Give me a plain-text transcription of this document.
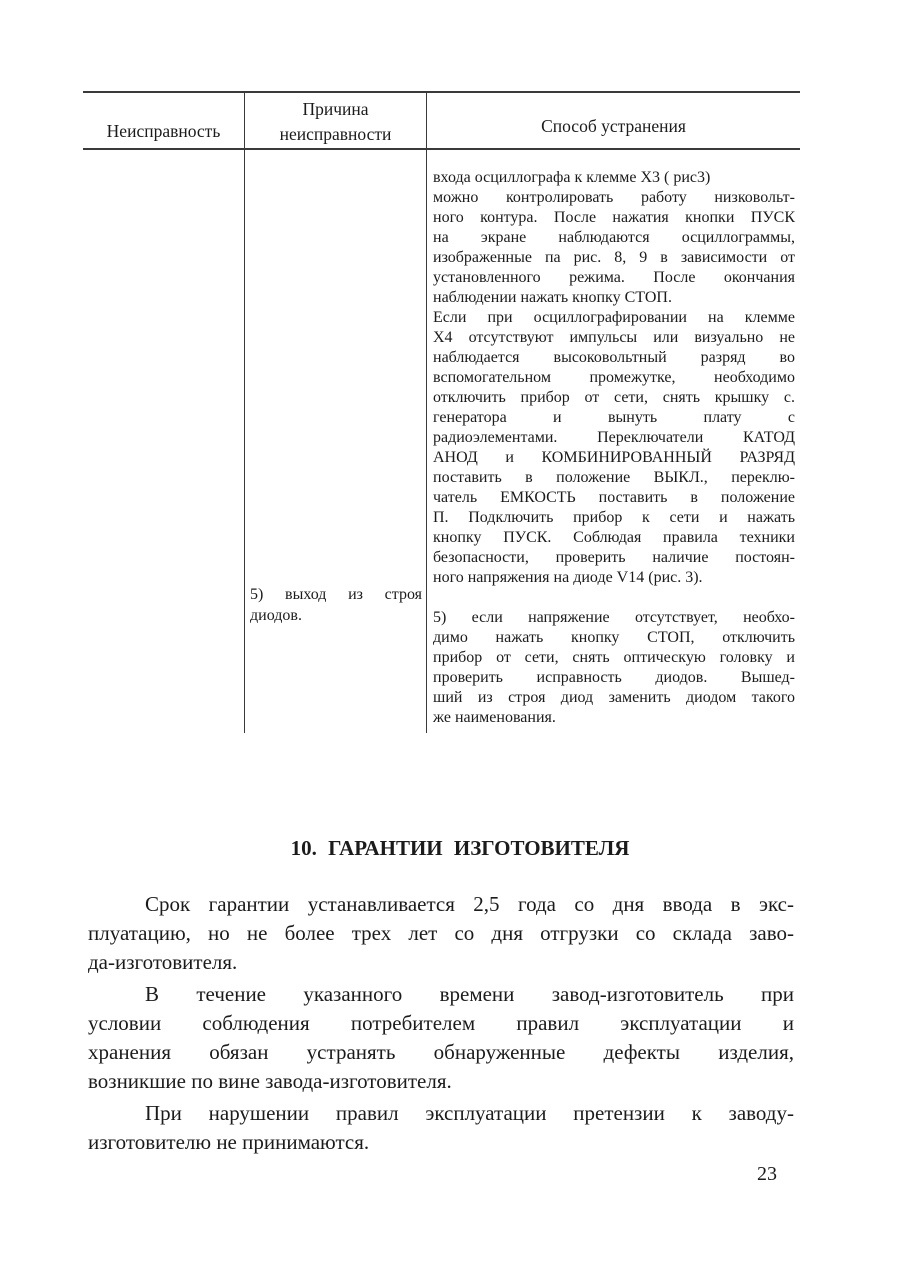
Неисправность
Причина
неисправности	Способ устранения
5) выход из строя
диодов.
входа осциллографа к клемме Х3 ( рис3)
можно контролировать работу низковольт-
ного контура. После нажатия кнопки ПУСК
на экране наблюдаются осциллограммы,
изображенные па рис. 8, 9 в зависимости от
установленного режима. После окончания
наблюдении нажать кнопку СТОП.
Если при осциллографировании на клемме
Х4 отсутствуют импульсы или визуально не
наблюдается высоковольтный разряд во
вспомогательном промежутке, необходимо
отключить прибор от сети, снять крышку с.
генератора и вынуть плату с
радиоэлементами. Переключатели КАТОД
АНОД и КОМБИНИРОВАННЫЙ РАЗРЯД
поставить в положение ВЫКЛ., переклю-
чатель ЕМКОСТЬ поставить в положение
П. Подключить прибор к сети и нажать
кнопку ПУСК. Соблюдая правила техники
безопасности, проверить наличие постоян-
ного напряжения на диоде V14 (рис. 3).
5) если напряжение отсутствует, необхо-
димо нажать кнопку СТОП, отключить
прибор от сети, снять оптическую головку и
проверить исправность диодов. Вышед-
ший из строя диод заменить диодом такого
же наименования.
10. ГАРАНТИИ ИЗГОТОВИТЕЛЯ
Срок гарантии устанавливается 2,5 года со дня ввода в экс-
плуатацию, но не более трех лет со дня отгрузки со склада заво-
да-изготовителя.
В течение указанного времени завод-изготовитель при
условии соблюдения потребителем правил эксплуатации и
хранения обязан устранять обнаруженные дефекты изделия,
возникшие по вине завода-изготовителя.
При нарушении правил эксплуатации претензии к заводу-
изготовителю не принимаются.
23
